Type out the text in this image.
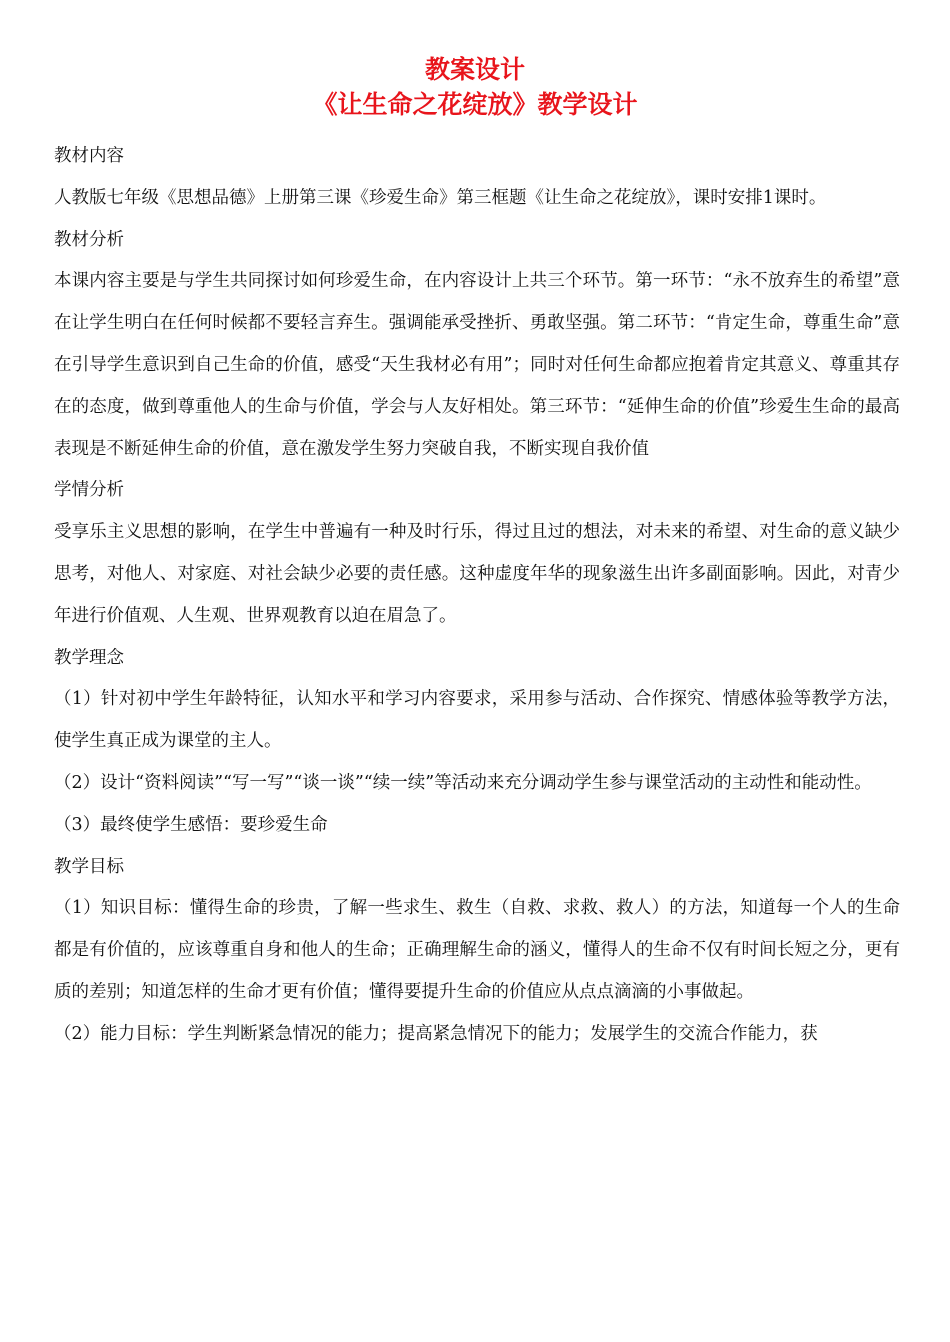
教案设计
《让生命之花绽放》教学设计

教材内容

人教版七年级《思想品德》上册第三课《珍爱生命》第三框题《让生命之花绽放》，课时安排1课时。

教材分析

本课内容主要是与学生共同探讨如何珍爱生命，在内容设计上共三个环节。第一环节：“永不放弃生的希望”意在让学生明白在任何时候都不要轻言弃生。强调能承受挫折、勇敢坚强。第二环节：“肯定生命，尊重生命”意在引导学生意识到自己生命的价值，感受“天生我材必有用”；同时对任何生命都应抱着肯定其意义、尊重其存在的态度，做到尊重他人的生命与价值，学会与人友好相处。第三环节：“延伸生命的价值”珍爱生生命的最高表现是不断延伸生命的价值，意在激发学生努力突破自我，不断实现自我价值

学情分析

受享乐主义思想的影响，在学生中普遍有一种及时行乐，得过且过的想法，对未来的希望、对生命的意义缺少思考，对他人、对家庭、对社会缺少必要的责任感。这种虚度年华的现象滋生出许多副面影响。因此，对青少年进行价值观、人生观、世界观教育以迫在眉急了。

教学理念

（1）针对初中学生年龄特征，认知水平和学习内容要求，采用参与活动、合作探究、情感体验等教学方法，使学生真正成为课堂的主人。

（2）设计“资料阅读”“写一写”“谈一谈”“续一续”等活动来充分调动学生参与课堂活动的主动性和能动性。

（3）最终使学生感悟：要珍爱生命

教学目标

（1）知识目标：懂得生命的珍贵，了解一些求生、救生（自救、求救、救人）的方法，知道每一个人的生命都是有价值的，应该尊重自身和他人的生命；正确理解生命的涵义，懂得人的生命不仅有时间长短之分，更有质的差别；知道怎样的生命才更有价值；懂得要提升生命的价值应从点点滴滴的小事做起。

（2）能力目标：学生判断紧急情况的能力；提高紧急情况下的能力；发展学生的交流合作能力，获
